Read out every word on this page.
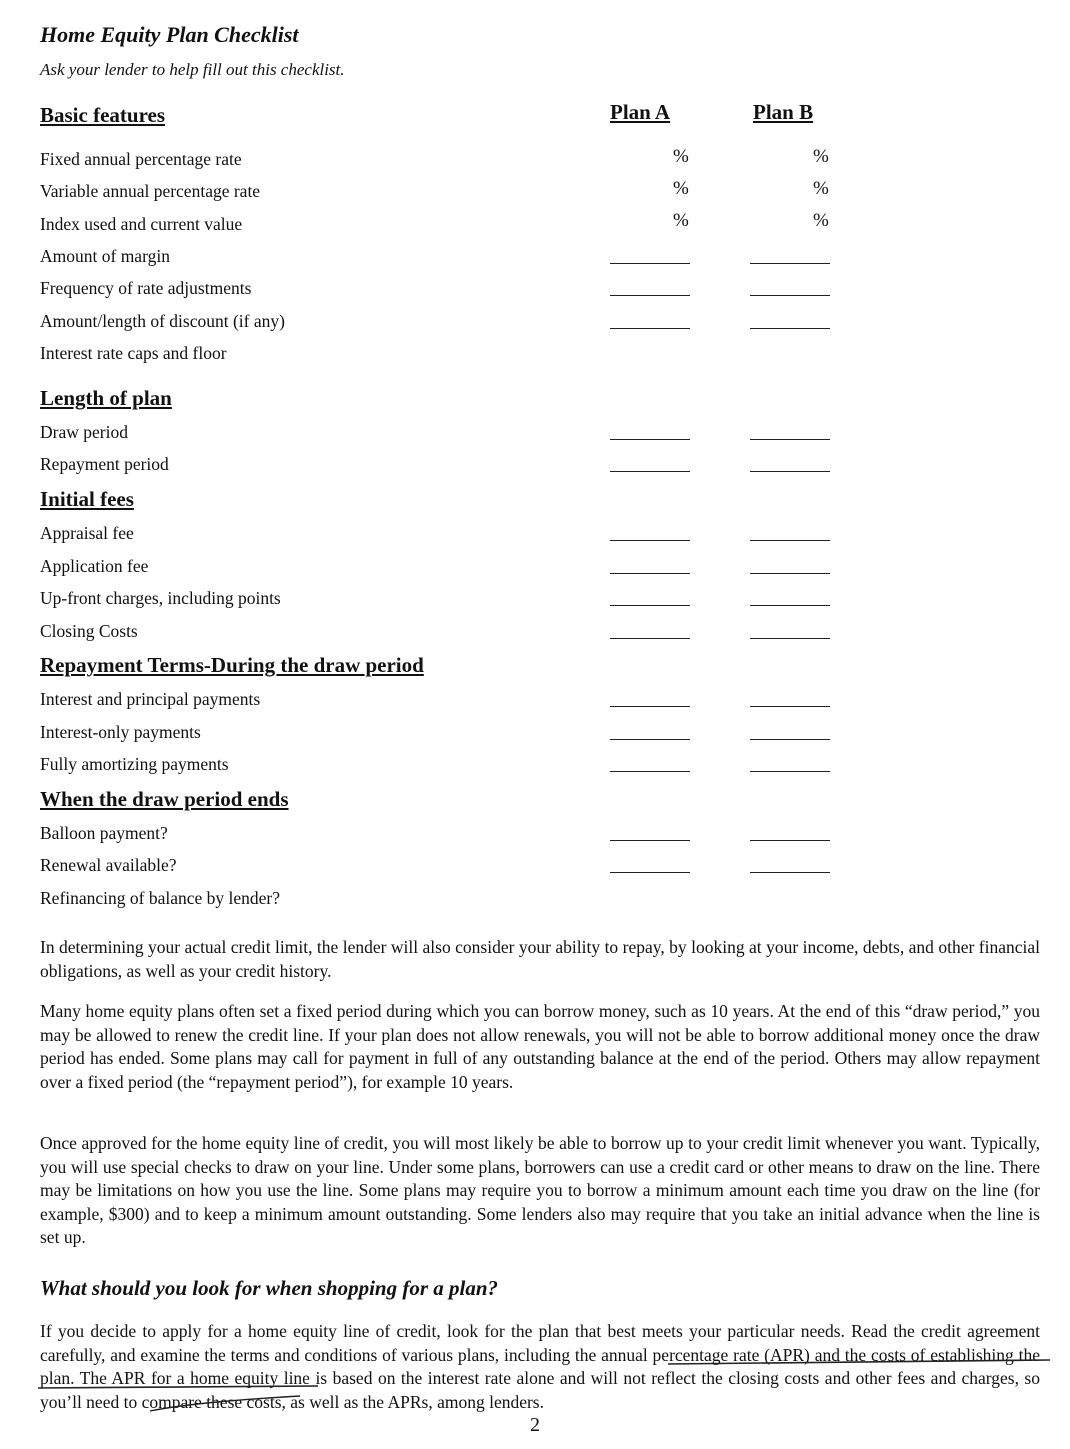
Home Equity Plan Checklist
Ask your lender to help fill out this checklist.
Plan A	Plan B
Basic features
Fixed annual percentage rate	%	%
Variable annual percentage rate	%	%
Index used and current value	%	%
Amount of margin
Frequency of rate adjustments
Amount/length of discount (if any)
Interest rate caps and floor
Length of plan
Draw period
Repayment period
Initial fees
Appraisal fee
Application fee
Up-front charges, including points
Closing Costs
Repayment Terms-During the draw period
Interest and principal payments
Interest-only payments
Fully amortizing payments
When the draw period ends
Balloon payment?
Renewal available?
Refinancing of balance by lender?
In determining your actual credit limit, the lender will also consider your ability to repay, by looking at your income, debts, and other financial obligations, as well as your credit history.
Many home equity plans often set a fixed period during which you can borrow money, such as 10 years. At the end of this “draw period,” you may be allowed to renew the credit line. If your plan does not allow renewals, you will not be able to borrow additional money once the draw period has ended. Some plans may call for payment in full of any outstanding balance at the end of the period. Others may allow repayment over a fixed period (the “repayment period”), for example 10 years.
Once approved for the home equity line of credit, you will most likely be able to borrow up to your credit limit whenever you want. Typically, you will use special checks to draw on your line. Under some plans, borrowers can use a credit card or other means to draw on the line. There may be limitations on how you use the line. Some plans may require you to borrow a minimum amount each time you draw on the line (for example, $300) and to keep a minimum amount outstanding. Some lenders also may require that you take an initial advance when the line is set up.
What should you look for when shopping for a plan?
If you decide to apply for a home equity line of credit, look for the plan that best meets your particular needs. Read the credit agreement carefully, and examine the terms and conditions of various plans, including the annual percentage rate (APR) and the costs of establishing the plan. The APR for a home equity line is based on the interest rate alone and will not reflect the closing costs and other fees and charges, so you’ll need to compare these costs, as well as the APRs, among lenders.
2
